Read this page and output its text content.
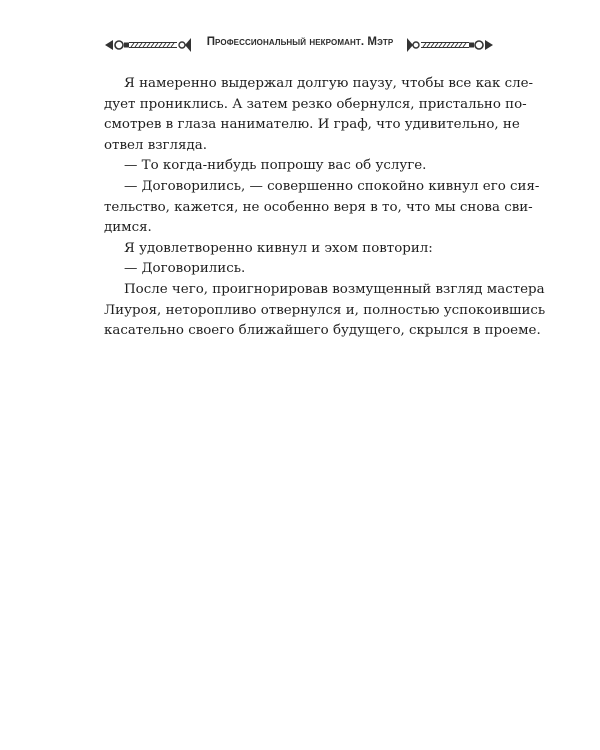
Профессиональный некромант. Мэтр
Я намеренно выдержал долгую паузу, чтобы все как сле-
дует прониклись. А затем резко обернулся, пристально по-
смотрев в глаза нанимателю. И граф, что удивительно, не
отвел взгляда.
— То когда-нибудь попрошу вас об услуге.
— Договорились, — совершенно спокойно кивнул его сия-
тельство, кажется, не особенно веря в то, что мы снова сви-
димся.
Я удовлетворенно кивнул и эхом повторил:
— Договорились.
После чего, проигнорировав возмущенный взгляд мастера
Лиуроя, неторопливо отвернулся и, полностью успокоившись
касательно своего ближайшего будущего, скрылся в проеме.
